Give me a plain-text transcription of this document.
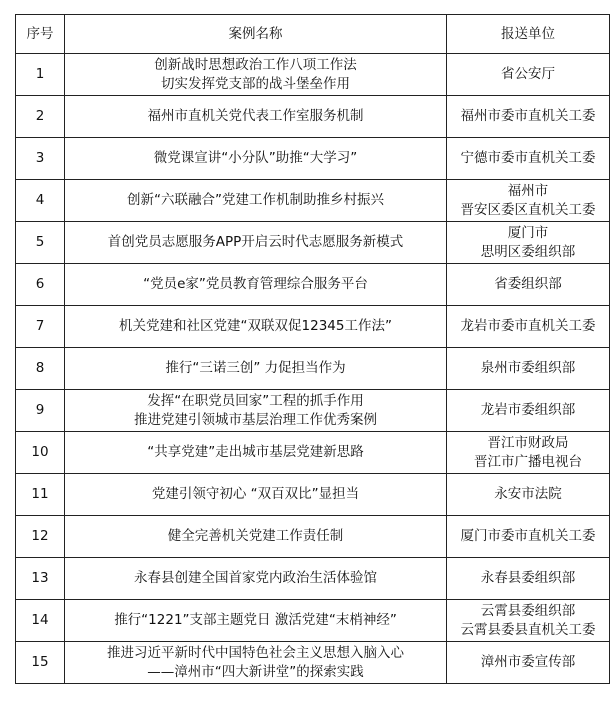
序号	案例名称	报送单位
1	创新战时思想政治工作八项工作法
切实发挥党支部的战斗堡垒作用	省公安厅
2	福州市直机关党代表工作室服务机制	福州市委市直机关工委
3	微党课宣讲“小分队”助推“大学习”	宁德市委市直机关工委
4	创新“六联融合”党建工作机制助推乡村振兴	福州市
晋安区委区直机关工委
5	首创党员志愿服务APP开启云时代志愿服务新模式	厦门市
思明区委组织部
6	“党员e家”党员教育管理综合服务平台	省委组织部
7	机关党建和社区党建“双联双促12345工作法”	龙岩市委市直机关工委
8	推行“三诺三创” 力促担当作为	泉州市委组织部
9	发挥“在职党员回家”工程的抓手作用
推进党建引领城市基层治理工作优秀案例	龙岩市委组织部
10	“共享党建”走出城市基层党建新思路	晋江市财政局
晋江市广播电视台
11	党建引领守初心 “双百双比”显担当	永安市法院
12	健全完善机关党建工作责任制	厦门市委市直机关工委
13	永春县创建全国首家党内政治生活体验馆	永春县委组织部
14	推行“1221”支部主题党日 激活党建“末梢神经”	云霄县委组织部
云霄县委县直机关工委
15	推进习近平新时代中国特色社会主义思想入脑入心
——漳州市“四大新讲堂”的探索实践	漳州市委宣传部
